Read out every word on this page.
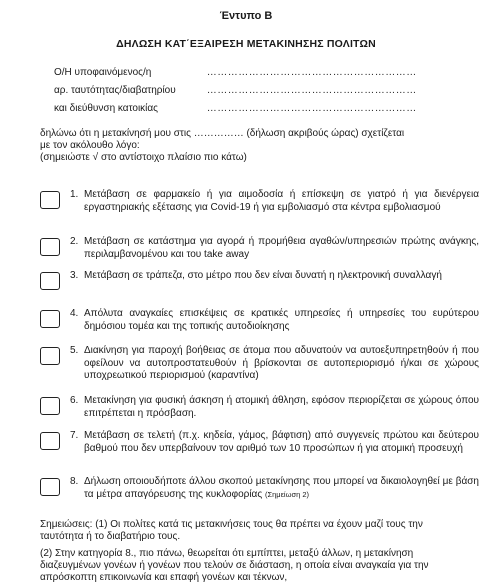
Έντυπο Β
ΔΗΛΩΣΗ ΚΑΤ΄ΕΞΑΙΡΕΣΗ ΜΕΤΑΚΙΝΗΣΗΣ ΠΟΛΙΤΩΝ
Ο/Η υποφαινόμενος/η	……………………………………………………
αρ. ταυτότητας/διαβατηρίου	……………………………………………………
και διεύθυνση κατοικίας	……………………………………………………
δηλώνω ότι η μετακίνησή μου στις …………… (δήλωση ακριβούς ώρας) σχετίζεται
με τον ακόλουθο λόγο:
(σημειώστε √ στο αντίστοιχο πλαίσιο πιο κάτω)
1. Μετάβαση σε φαρμακείο ή για αιμοδοσία ή επίσκεψη σε γιατρό ή για διενέργεια εργαστηριακής εξέτασης για Covid-19 ή για εμβολιασμό στα κέντρα εμβολιασμού
2. Μετάβαση σε κατάστημα για αγορά ή προμήθεια αγαθών/υπηρεσιών πρώτης ανάγκης, περιλαμβανομένου και του take away
3. Μετάβαση σε τράπεζα, στο μέτρο που δεν είναι δυνατή η ηλεκτρονική συναλλαγή
4. Απόλυτα αναγκαίες επισκέψεις σε κρατικές υπηρεσίες ή υπηρεσίες του ευρύτερου δημόσιου τομέα και της τοπικής αυτοδιοίκησης
5. Διακίνηση για παροχή βοήθειας σε άτομα που αδυνατούν να αυτοεξυπηρετηθούν ή που οφείλουν να αυτοπροστατευθούν ή βρίσκονται σε αυτοπεριορισμό ή/και σε χώρους υποχρεωτικού περιορισμού (καραντίνα)
6. Μετακίνηση για φυσική άσκηση ή ατομική άθληση, εφόσον περιορίζεται σε χώρους όπου επιτρέπεται η πρόσβαση.
7. Μετάβαση σε τελετή (π.χ. κηδεία, γάμος, βάφτιση) από συγγενείς πρώτου και δεύτερου βαθμού που δεν υπερβαίνουν τον αριθμό των 10 προσώπων ή για ατομική προσευχή
8. Δήλωση οποιουδήποτε άλλου σκοπού μετακίνησης που μπορεί να δικαιολογηθεί με βάση τα μέτρα απαγόρευσης της κυκλοφορίας (Σημείωση 2)
Σημειώσεις: (1) Οι πολίτες κατά τις μετακινήσεις τους θα πρέπει να έχουν μαζί τους την ταυτότητα ή το διαβατήριο τους.
(2) Στην κατηγορία 8., πιο πάνω, θεωρείται ότι εμπίπτει, μεταξύ άλλων, η μετακίνηση διαζευγμένων γονέων ή γονέων που τελούν σε διάσταση, η οποία είναι αναγκαία για την απρόσκοπτη επικοινωνία και επαφή γονέων και τέκνων,
